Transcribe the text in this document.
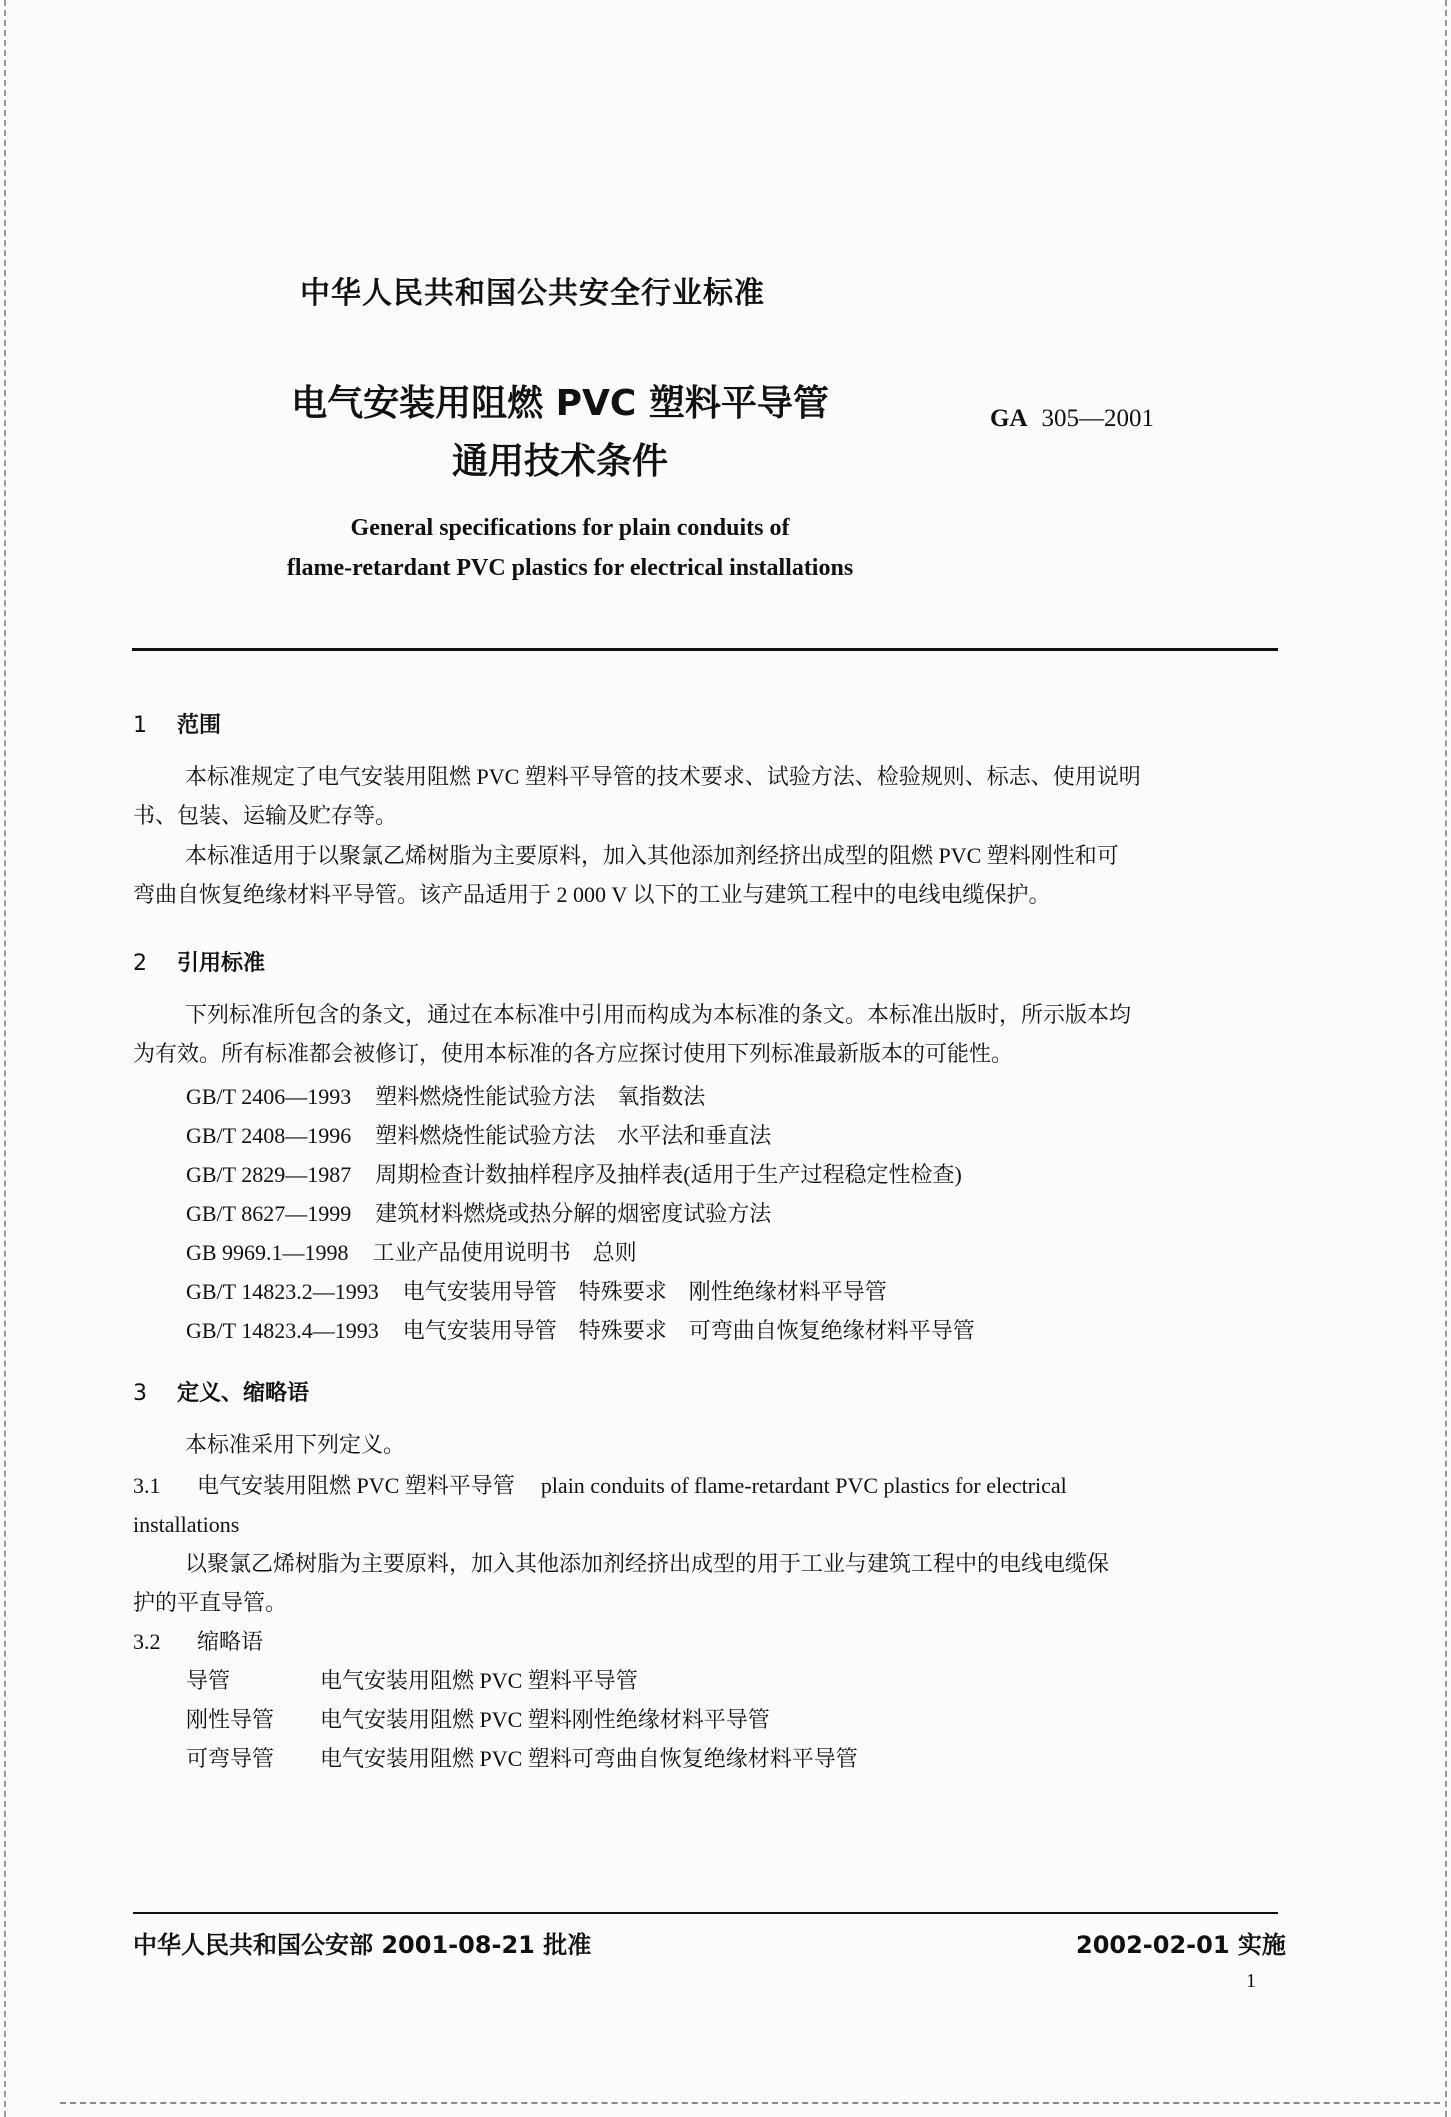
中华人民共和国公共安全行业标准
电气安装用阻燃 PVC 塑料平导管
通用技术条件
GA 305—2001
General specifications for plain conduits of
flame-retardant PVC plastics for electrical installations
1 范围
本标准规定了电气安装用阻燃 PVC 塑料平导管的技术要求、试验方法、检验规则、标志、使用说明
书、包装、运输及贮存等。
本标准适用于以聚氯乙烯树脂为主要原料，加入其他添加剂经挤出成型的阻燃 PVC 塑料刚性和可
弯曲自恢复绝缘材料平导管。该产品适用于 2 000 V 以下的工业与建筑工程中的电线电缆保护。
2 引用标准
下列标准所包含的条文，通过在本标准中引用而构成为本标准的条文。本标准出版时，所示版本均
为有效。所有标准都会被修订，使用本标准的各方应探讨使用下列标准最新版本的可能性。
GB/T 2406—1993 塑料燃烧性能试验方法　氧指数法
GB/T 2408—1996 塑料燃烧性能试验方法　水平法和垂直法
GB/T 2829—1987 周期检查计数抽样程序及抽样表(适用于生产过程稳定性检查)
GB/T 8627—1999 建筑材料燃烧或热分解的烟密度试验方法
GB 9969.1—1998 工业产品使用说明书　总则
GB/T 14823.2—1993 电气安装用导管　特殊要求　刚性绝缘材料平导管
GB/T 14823.4—1993 电气安装用导管　特殊要求　可弯曲自恢复绝缘材料平导管
3 定义、缩略语
本标准采用下列定义。
3.1 电气安装用阻燃 PVC 塑料平导管 plain conduits of flame-retardant PVC plastics for electrical
installations
以聚氯乙烯树脂为主要原料，加入其他添加剂经挤出成型的用于工业与建筑工程中的电线电缆保
护的平直导管。
3.2 缩略语
导管	电气安装用阻燃 PVC 塑料平导管
刚性导管 电气安装用阻燃 PVC 塑料刚性绝缘材料平导管
可弯导管 电气安装用阻燃 PVC 塑料可弯曲自恢复绝缘材料平导管
中华人民共和国公安部 2001-08-21 批准	2002-02-01 实施
1
